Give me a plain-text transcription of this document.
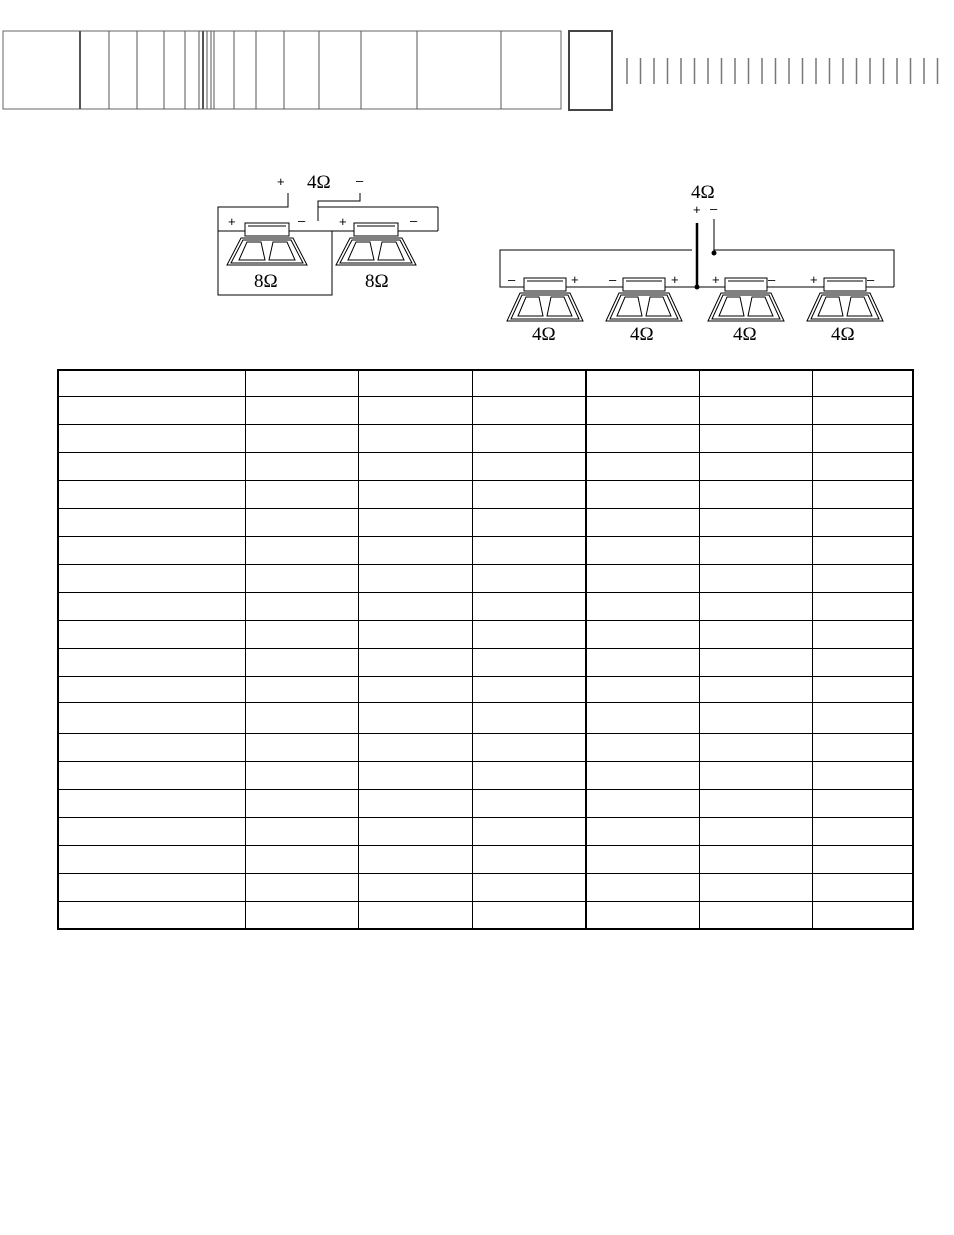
+ 4Ω –
+	–
8Ω
+	–
8Ω
4Ω
+ –
–	+
4Ω
–	+
4Ω
+	–
4Ω
+	–
4Ω
